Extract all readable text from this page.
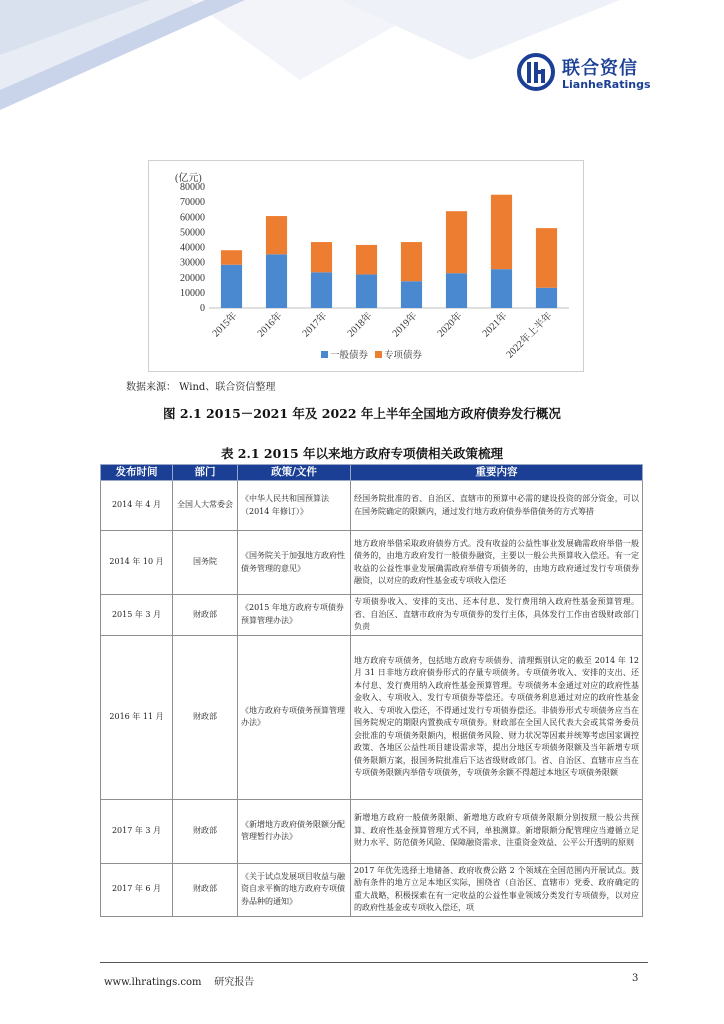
联合资信
LianheRatings
(亿元)
0
10000
20000
30000
40000
50000
60000
70000
80000
2015年 2016年 2017年 2018年 2019年 2020年 2021年
2022年上半年
一般债券 专项债券
数据来源： Wind、联合资信整理
图 2.1 2015－2021 年及 2022 年上半年全国地方政府债券发行概况
表 2.1 2015 年以来地方政府专项债相关政策梳理
发布时间	部门	政策/文件	重要内容
2014 年 4 月	全国人大常委会	《中华人民共和国预算法（2014 年修订）》	经国务院批准的省、自治区、直辖市的预算中必需的建设投资的部分资金，可以在国务院确定的限额内，通过发行地方政府债券举借债务的方式筹措
2014 年 10 月	国务院	《国务院关于加强地方政府性债务管理的意见》	地方政府举借采取政府债券方式。没有收益的公益性事业发展确需政府举借一般债务的，由地方政府发行一般债券融资，主要以一般公共预算收入偿还。有一定收益的公益性事业发展确需政府举借专项债务的，由地方政府通过发行专项债券融资，以对应的政府性基金或专项收入偿还
2015 年 3 月	财政部	《2015 年地方政府专项债券预算管理办法》	专项债券收入、安排的支出、还本付息、发行费用纳入政府性基金预算管理。省、自治区、直辖市政府为专项债券的发行主体，具体发行工作由省级财政部门负责
2016 年 11 月	财政部	《地方政府专项债务预算管理办法》	地方政府专项债务，包括地方政府专项债券、清理甄别认定的截至 2014 年 12 月 31 日非地方政府债券形式的存量专项债务。专项债务收入、安排的支出、还本付息、发行费用纳入政府性基金预算管理。专项债务本金通过对应的政府性基金收入、专项收入、发行专项债券等偿还。专项债务利息通过对应的政府性基金收入、专项收入偿还，不得通过发行专项债券偿还。非债券形式专项债务应当在国务院规定的期限内置换成专项债券。财政部在全国人民代表大会或其常务委员会批准的专项债务限额内，根据债务风险、财力状况等因素并统筹考虑国家调控政策、各地区公益性项目建设需求等，提出分地区专项债务限额及当年新增专项债务限额方案，报国务院批准后下达省级财政部门。省、自治区、直辖市应当在专项债务限额内举借专项债务，专项债务余额不得超过本地区专项债务限额
2017 年 3 月	财政部	《新增地方政府债务限额分配管理暂行办法》	新增地方政府一般债务限额、新增地方政府专项债务限额分别按照一般公共预算、政府性基金预算管理方式不同，单独测算。新增限额分配管理应当遵循立足财力水平、防范债务风险、保障融资需求、注重资金效益、公平公开透明的原则
2017 年 6 月	财政部	《关于试点发展项目收益与融资自求平衡的地方政府专项债券品种的通知》	2017 年优先选择土地储备、政府收费公路 2 个领域在全国范围内开展试点。鼓励有条件的地方立足本地区实际，围绕省（自治区、直辖市）党委、政府确定的重大战略，积极探索在有一定收益的公益性事业领域分类发行专项债券，以对应的政府性基金或专项收入偿还，项
www.lhratings.com 研究报告	3
